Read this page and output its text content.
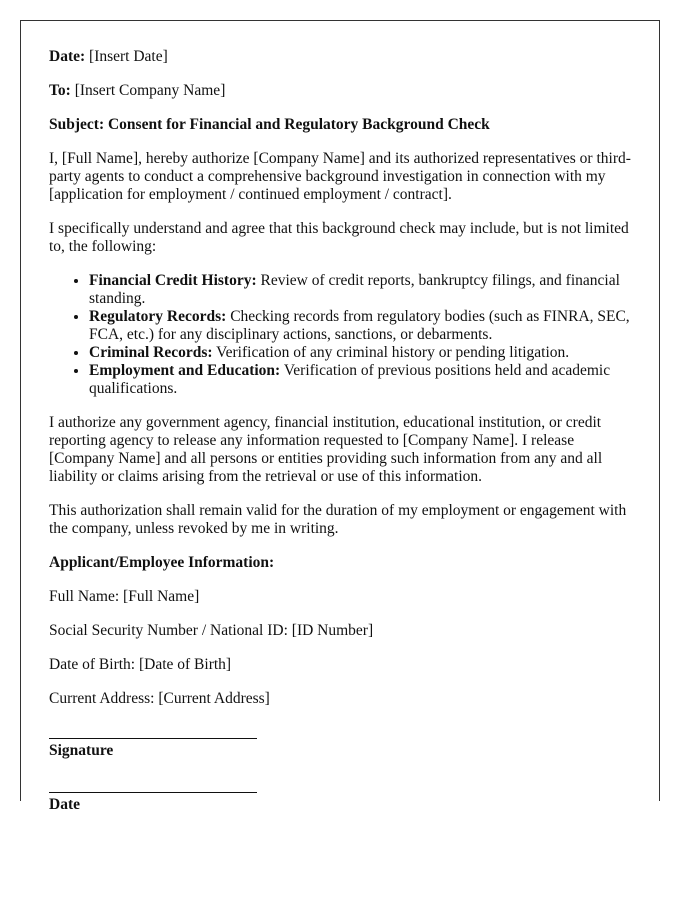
Date: [Insert Date]

To: [Insert Company Name]

Subject: Consent for Financial and Regulatory Background Check

I, [Full Name], hereby authorize [Company Name] and its authorized representatives or third-party agents to conduct a comprehensive background investigation in connection with my [application for employment / continued employment / contract].

I specifically understand and agree that this background check may include, but is not limited to, the following:

• Financial Credit History: Review of credit reports, bankruptcy filings, and financial standing.
• Regulatory Records: Checking records from regulatory bodies (such as FINRA, SEC, FCA, etc.) for any disciplinary actions, sanctions, or debarments.
• Criminal Records: Verification of any criminal history or pending litigation.
• Employment and Education: Verification of previous positions held and academic qualifications.

I authorize any government agency, financial institution, educational institution, or credit reporting agency to release any information requested to [Company Name]. I release [Company Name] and all persons or entities providing such information from any and all liability or claims arising from the retrieval or use of this information.

This authorization shall remain valid for the duration of my employment or engagement with the company, unless revoked by me in writing.

Applicant/Employee Information:

Full Name: [Full Name]

Social Security Number / National ID: [ID Number]

Date of Birth: [Date of Birth]

Current Address: [Current Address]

Signature
Date
